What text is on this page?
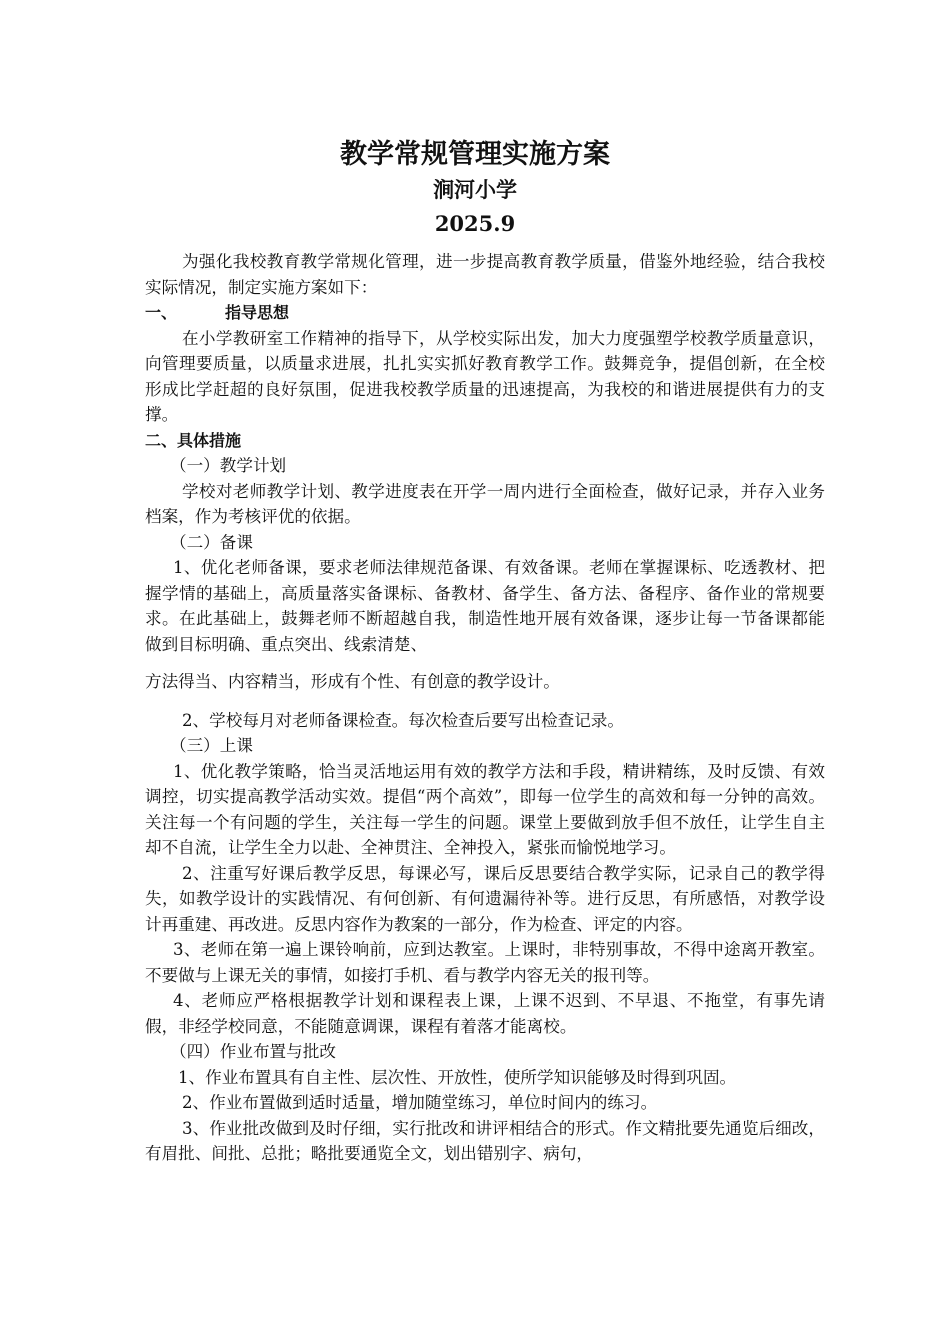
教学常规管理实施方案
涧河小学
2025.9

为强化我校教育教学常规化管理，进一步提高教育教学质量，借鉴外地经验，结合我校实际情况，制定实施方案如下：

一、	指导思想

在小学教研室工作精神的指导下，从学校实际出发，加大力度强塑学校教学质量意识，向管理要质量，以质量求进展，扎扎实实抓好教育教学工作。鼓舞竞争，提倡创新，在全校形成比学赶超的良好氛围，促进我校教学质量的迅速提高，为我校的和谐进展提供有力的支撑。

二、具体措施

（一）教学计划

学校对老师教学计划、教学进度表在开学一周内进行全面检查，做好记录，并存入业务档案，作为考核评优的依据。

（二）备课

1、优化老师备课，要求老师法律规范备课、有效备课。老师在掌握课标、吃透教材、把握学情的基础上，高质量落实备课标、备教材、备学生、备方法、备程序、备作业的常规要求。在此基础上，鼓舞老师不断超越自我，制造性地开展有效备课，逐步让每一节备课都能做到目标明确、重点突出、线索清楚、

方法得当、内容精当，形成有个性、有创意的教学设计。

2、学校每月对老师备课检查。每次检查后要写出检查记录。

（三）上课

1、优化教学策略，恰当灵活地运用有效的教学方法和手段，精讲精练，及时反馈、有效调控，切实提高教学活动实效。提倡“两个高效”，即每一位学生的高效和每一分钟的高效。关注每一个有问题的学生，关注每一学生的问题。课堂上要做到放手但不放任，让学生自主却不自流，让学生全力以赴、全神贯注、全神投入，紧张而愉悦地学习。

2、注重写好课后教学反思，每课必写，课后反思要结合教学实际，记录自己的教学得失，如教学设计的实践情况、有何创新、有何遗漏待补等。进行反思，有所感悟，对教学设计再重建、再改进。反思内容作为教案的一部分，作为检查、评定的内容。

3、老师在第一遍上课铃响前，应到达教室。上课时，非特别事故，不得中途离开教室。不要做与上课无关的事情，如接打手机、看与教学内容无关的报刊等。

4、老师应严格根据教学计划和课程表上课，上课不迟到、不早退、不拖堂，有事先请假，非经学校同意，不能随意调课，课程有着落才能离校。

（四）作业布置与批改

1、作业布置具有自主性、层次性、开放性，使所学知识能够及时得到巩固。

2、作业布置做到适时适量，增加随堂练习，单位时间内的练习。

3、作业批改做到及时仔细，实行批改和讲评相结合的形式。作文精批要先通览后细改，有眉批、间批、总批；略批要通览全文，划出错别字、病句，
